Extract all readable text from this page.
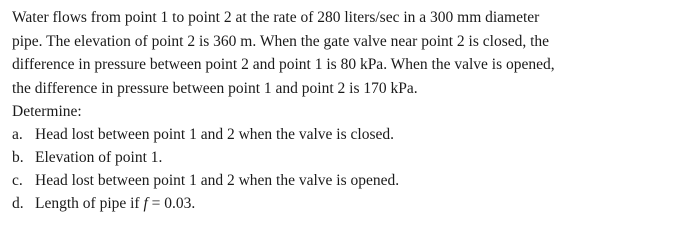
Water flows from point 1 to point 2 at the rate of 280 liters/sec in a 300 mm diameter
pipe. The elevation of point 2 is 360 m. When the gate valve near point 2 is closed, the
difference in pressure between point 2 and point 1 is 80 kPa. When the valve is opened,
the difference in pressure between point 1 and point 2 is 170 kPa.

Determine:

a. Head lost between point 1 and 2 when the valve is closed.
b. Elevation of point 1.
c. Head lost between point 1 and 2 when the valve is opened.
d. Length of pipe if f = 0.03.
